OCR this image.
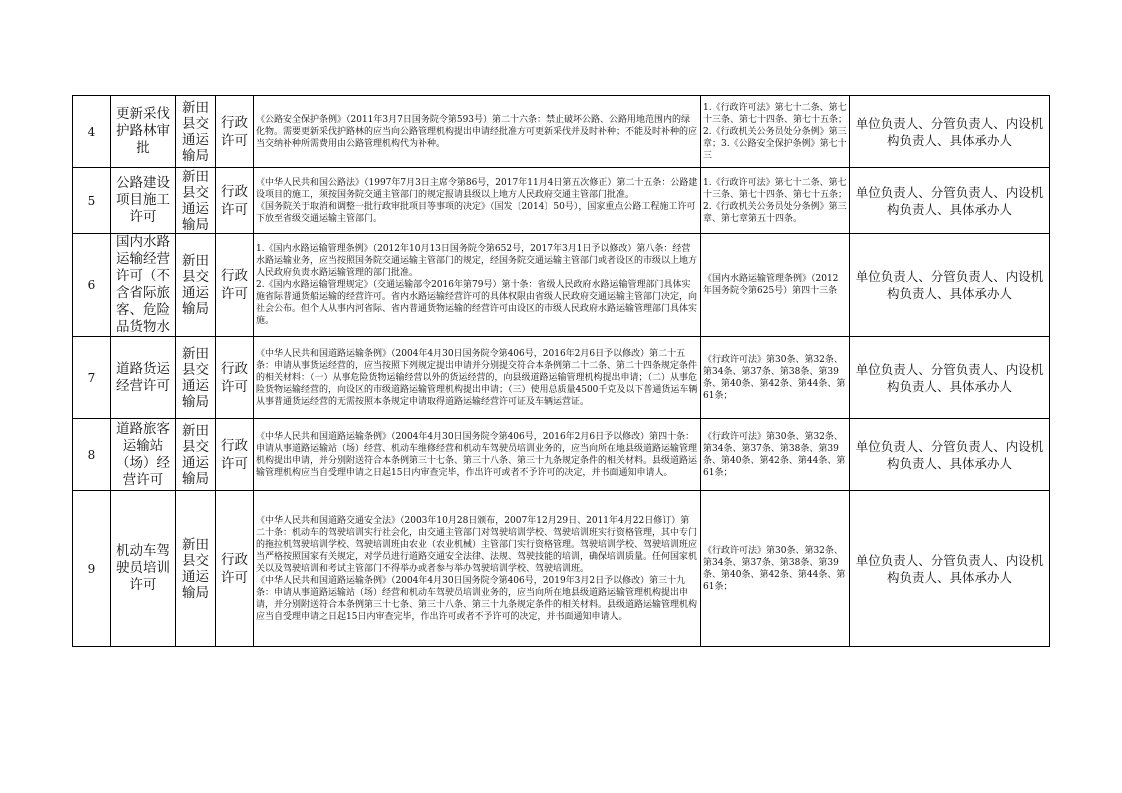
4	更新采伐护路林审批	新田县交通运输局	行政许可	《公路安全保护条例》（2011年3月7日国务院令第593号）第二十六条：禁止破坏公路、公路用地范围内的绿化物。需要更新采伐护路林的应当向公路管理机构提出申请经批准方可更新采伐并及时补种；不能及时补种的应当交纳补种所需费用由公路管理机构代为补种。	1.《行政许可法》第七十二条、第七十三条、第七十四条、第七十五条；2.《行政机关公务员处分条例》第三章；3.《公路安全保护条例》第七十三	单位负责人、分管负责人、内设机构负责人、具体承办人
5	公路建设项目施工许可	新田县交通运输局	行政许可	《中华人民共和国公路法》（1997年7月3日主席令第86号，2017年11月4日第五次修正）第二十五条：公路建设项目的施工，须按国务院交通主管部门的规定报请县级以上地方人民政府交通主管部门批准。
《国务院关于取消和调整一批行政审批项目等事项的决定》（国发〔2014〕50号），国家重点公路工程施工许可下放至省级交通运输主管部门。	1.《行政许可法》第七十二条、第七十三条、第七十四条、第七十五条；2.《行政机关公务员处分条例》第三章、第七章第五十四条。	单位负责人、分管负责人、内设机构负责人、具体承办人
6	国内水路运输经营许可（不含省际旅客、危险品货物水	新田县交通运输局	行政许可	1.《国内水路运输管理条例》（2012年10月13日国务院令第652号，2017年3月1日予以修改）第八条：经营水路运输业务，应当按照国务院交通运输主管部门的规定，经国务院交通运输主管部门或者设区的市级以上地方人民政府负责水路运输管理的部门批准。
2.《国内水路运输管理规定》（交通运输部令2016年第79号）第十条：省级人民政府水路运输管理部门具体实施省际普通货船运输的经营许可。省内水路运输经营许可的具体权限由省级人民政府交通运输主管部门决定，向社会公布。但个人从事内河省际、省内普通货物运输的经营许可由设区的市级人民政府水路运输管理部门具体实施。	《国内水路运输管理条例》（2012年国务院令第625号）第四十三条	单位负责人、分管负责人、内设机构负责人、具体承办人
7	道路货运经营许可	新田县交通运输局	行政许可	《中华人民共和国道路运输条例》（2004年4月30日国务院令第406号，2016年2月6日予以修改）第二十五条：申请从事货运经营的，应当按照下列规定提出申请并分别提交符合本条例第二十二条、第二十四条规定条件的相关材料：（一）从事危险货物运输经营以外的货运经营的，向县级道路运输管理机构提出申请；（二）从事危险货物运输经营的，向设区的市级道路运输管理机构提出申请；（三）使用总质量4500千克及以下普通货运车辆从事普通货运经营的无需按照本条规定申请取得道路运输经营许可证及车辆运营证。	《行政许可法》第30条、第32条、第34条、第37条、第38条、第39条、第40条、第42条、第44条、第61条；	单位负责人、分管负责人、内设机构负责人、具体承办人
8	道路旅客运输站（场）经营许可	新田县交通运输局	行政许可	《中华人民共和国道路运输条例》（2004年4月30日国务院令第406号，2016年2月6日予以修改）第四十条：申请从事道路运输站（场）经营、机动车维修经营和机动车驾驶员培训业务的，应当向所在地县级道路运输管理机构提出申请，并分别附送符合本条例第三十七条、第三十八条、第三十九条规定条件的相关材料。县级道路运输管理机构应当自受理申请之日起15日内审查完毕，作出许可或者不予许可的决定，并书面通知申请人。	《行政许可法》第30条、第32条、第34条、第37条、第38条、第39条、第40条、第42条、第44条、第61条；	单位负责人、分管负责人、内设机构负责人、具体承办人
9	机动车驾驶员培训许可	新田县交通运输局	行政许可	《中华人民共和国道路交通安全法》（2003年10月28日颁布，2007年12月29日、2011年4月22日修订）第二十条：机动车的驾驶培训实行社会化，由交通主管部门对驾驶培训学校、驾驶培训班实行资格管理，其中专门的拖拉机驾驶培训学校、驾驶培训班由农业（农业机械）主管部门实行资格管理。驾驶培训学校、驾驶培训班应当严格按照国家有关规定，对学员进行道路交通安全法律、法规、驾驶技能的培训，确保培训质量。任何国家机关以及驾驶培训和考试主管部门不得举办或者参与举办驾驶培训学校、驾驶培训班。
《中华人民共和国道路运输条例》（2004年4月30日国务院令第406号，2019年3月2日予以修改）第三十九条：申请从事道路运输站（场）经营和机动车驾驶员培训业务的，应当向所在地县级道路运输管理机构提出申请，并分别附送符合本条例第三十七条、第三十八条、第三十九条规定条件的相关材料。县级道路运输管理机构应当自受理申请之日起15日内审查完毕，作出许可或者不予许可的决定，并书面通知申请人。	《行政许可法》第30条、第32条、第34条、第37条、第38条、第39条、第40条、第42条、第44条、第61条；	单位负责人、分管负责人、内设机构负责人、具体承办人
